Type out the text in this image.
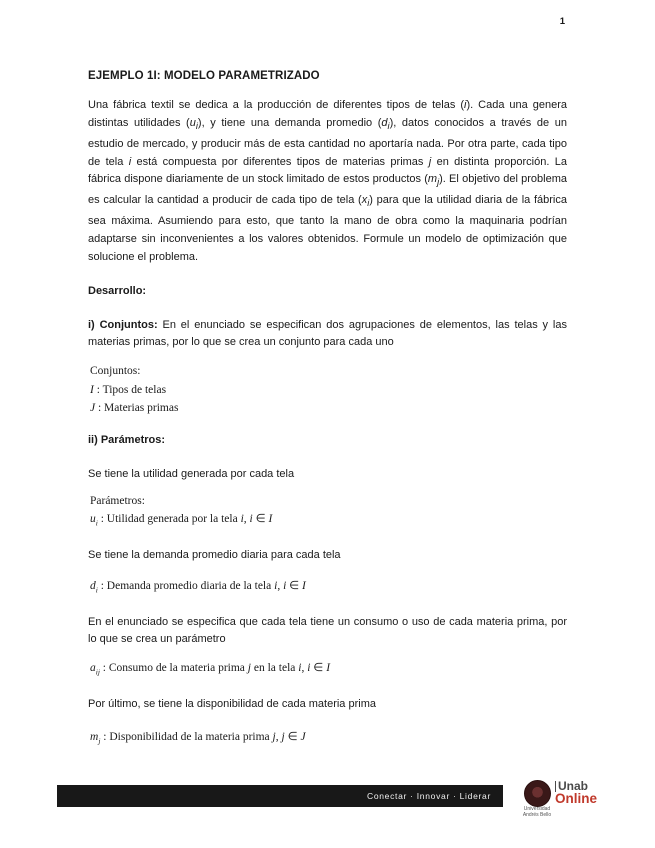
1
EJEMPLO 1I: MODELO PARAMETRIZADO

Una fábrica textil se dedica a la producción de diferentes tipos de telas (i). Cada una genera distintas utilidades $(u_i)$, y tiene una demanda promedio $(d_i)$, datos conocidos a través de un estudio de mercado, y producir más de esta cantidad no aportaría nada. Por otra parte, cada tipo de tela i está compuesta por diferentes tipos de materias primas j en distinta proporción. La fábrica dispone diariamente de un stock limitado de estos productos $(m_j)$. El objetivo del problema es calcular la cantidad a producir de cada tipo de tela $(x_i)$ para que la utilidad diaria de la fábrica sea máxima. Asumiendo para esto, que tanto la mano de obra como la maquinaria podrían adaptarse sin inconvenientes a los valores obtenidos. Formule un modelo de optimización que solucione el problema.

Desarrollo:

i) Conjuntos: En el enunciado se especifican dos agrupaciones de elementos, las telas y las materias primas, por lo que se crea un conjunto para cada uno

Conjuntos:
I : Tipos de telas
J : Materias primas

ii) Parámetros:

Se tiene la utilidad generada por cada tela

Parámetros:
$u_i$ : Utilidad generada por la tela i, i ∈ I

Se tiene la demanda promedio diaria para cada tela

$d_i$ : Demanda promedio diaria de la tela i, i ∈ I

En el enunciado se especifica que cada tela tiene un consumo o uso de cada materia prima, por lo que se crea un parámetro

$a_{ij}$ : Consumo de la materia prima j en la tela i, i ∈ I

Por último, se tiene la disponibilidad de cada materia prima

$m_j$ : Disponibilidad de la materia prima j, j ∈ J
Conectar · Innovar · Liderar
Unab
Online
Universidad
Andrés Bello
